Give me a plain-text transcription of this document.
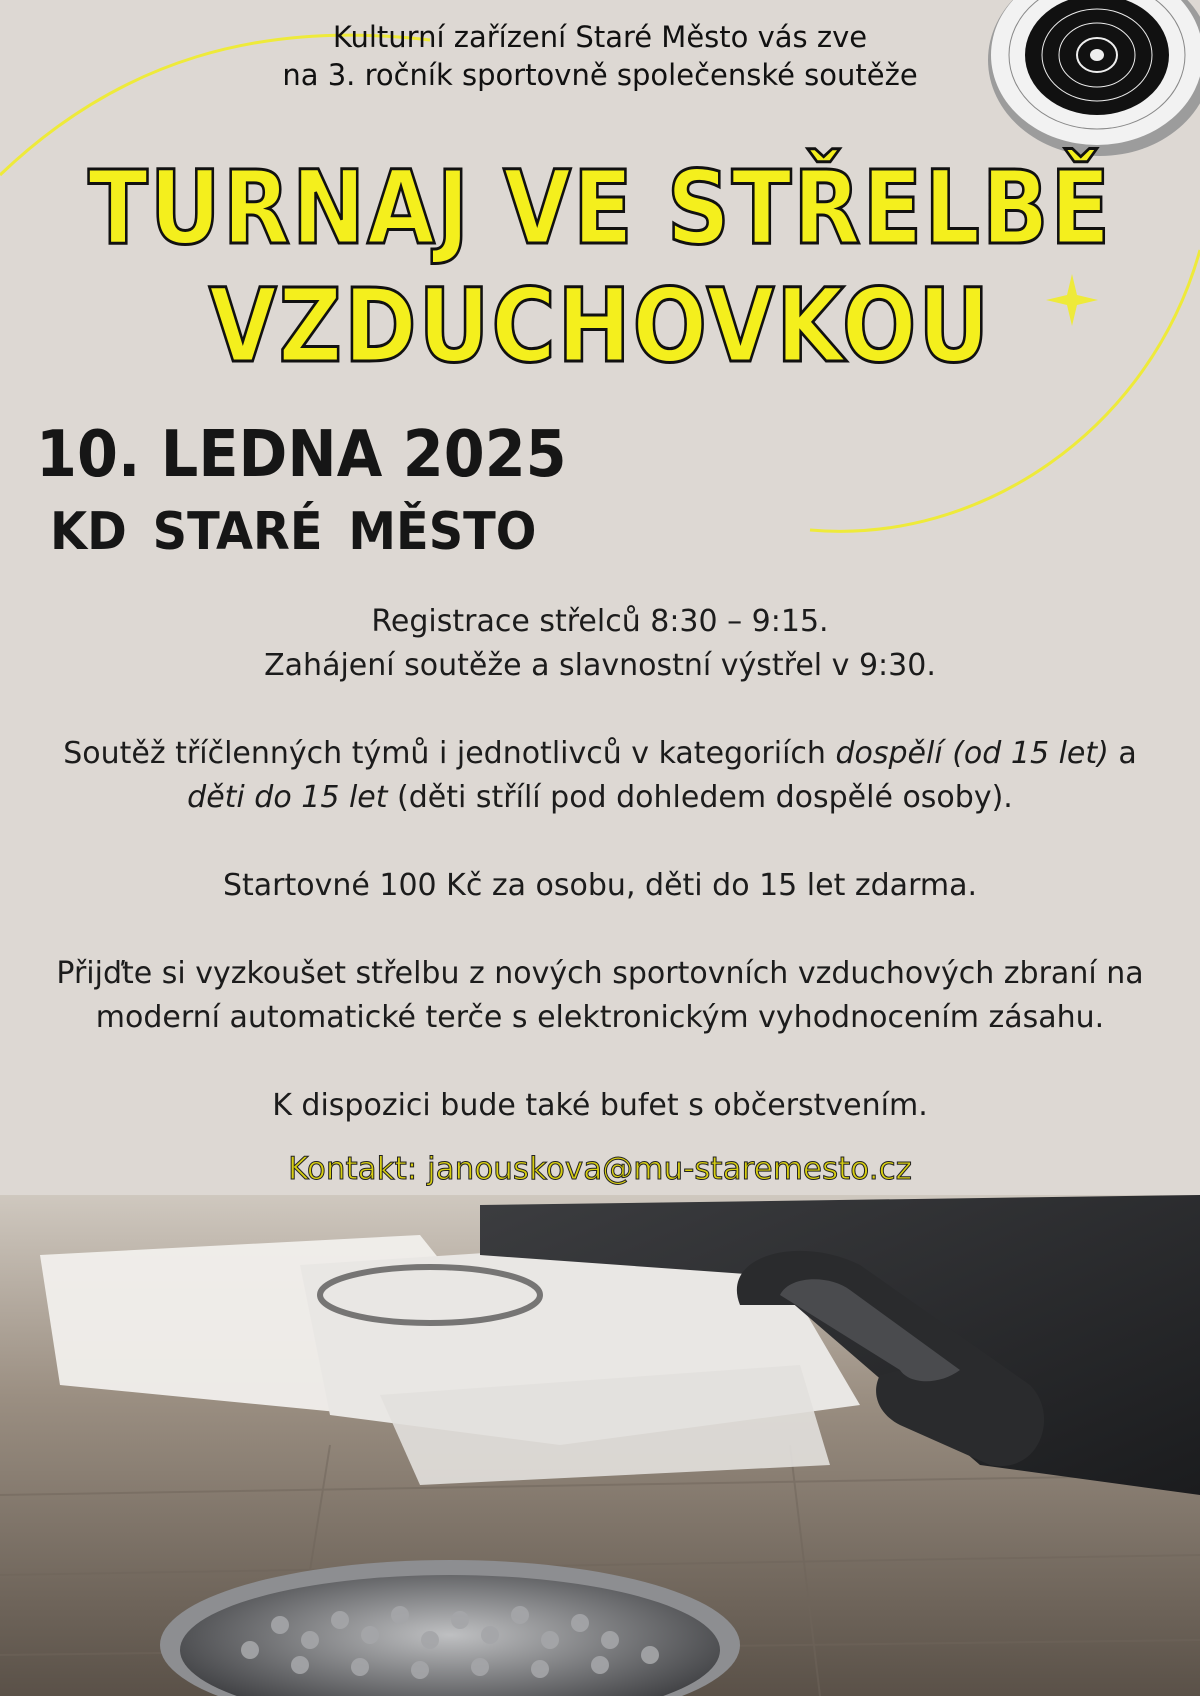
Kulturní zařízení Staré Město vás zve
na 3. ročník sportovně společenské soutěže
TURNAJ VE STŘELBĚ
VZDUCHOVKOU
10. LEDNA 2025
KD STARÉ MĚSTO

Registrace střelců 8:30 – 9:15.

Zahájení soutěže a slavnostní výstřel v 9:30.

Soutěž tříčlenných týmů i jednotlivců v kategoriích dospělí (od 15 let) a

děti do 15 let (děti střílí pod dohledem dospělé osoby).

Startovné 100 Kč za osobu, děti do 15 let zdarma.

Přijďte si vyzkoušet střelbu z nových sportovních vzduchových zbraní na

moderní automatické terče s elektronickým vyhodnocením zásahu.

K dispozici bude také bufet s občerstvením.

Kontakt: janouskova@mu-staremesto.cz
